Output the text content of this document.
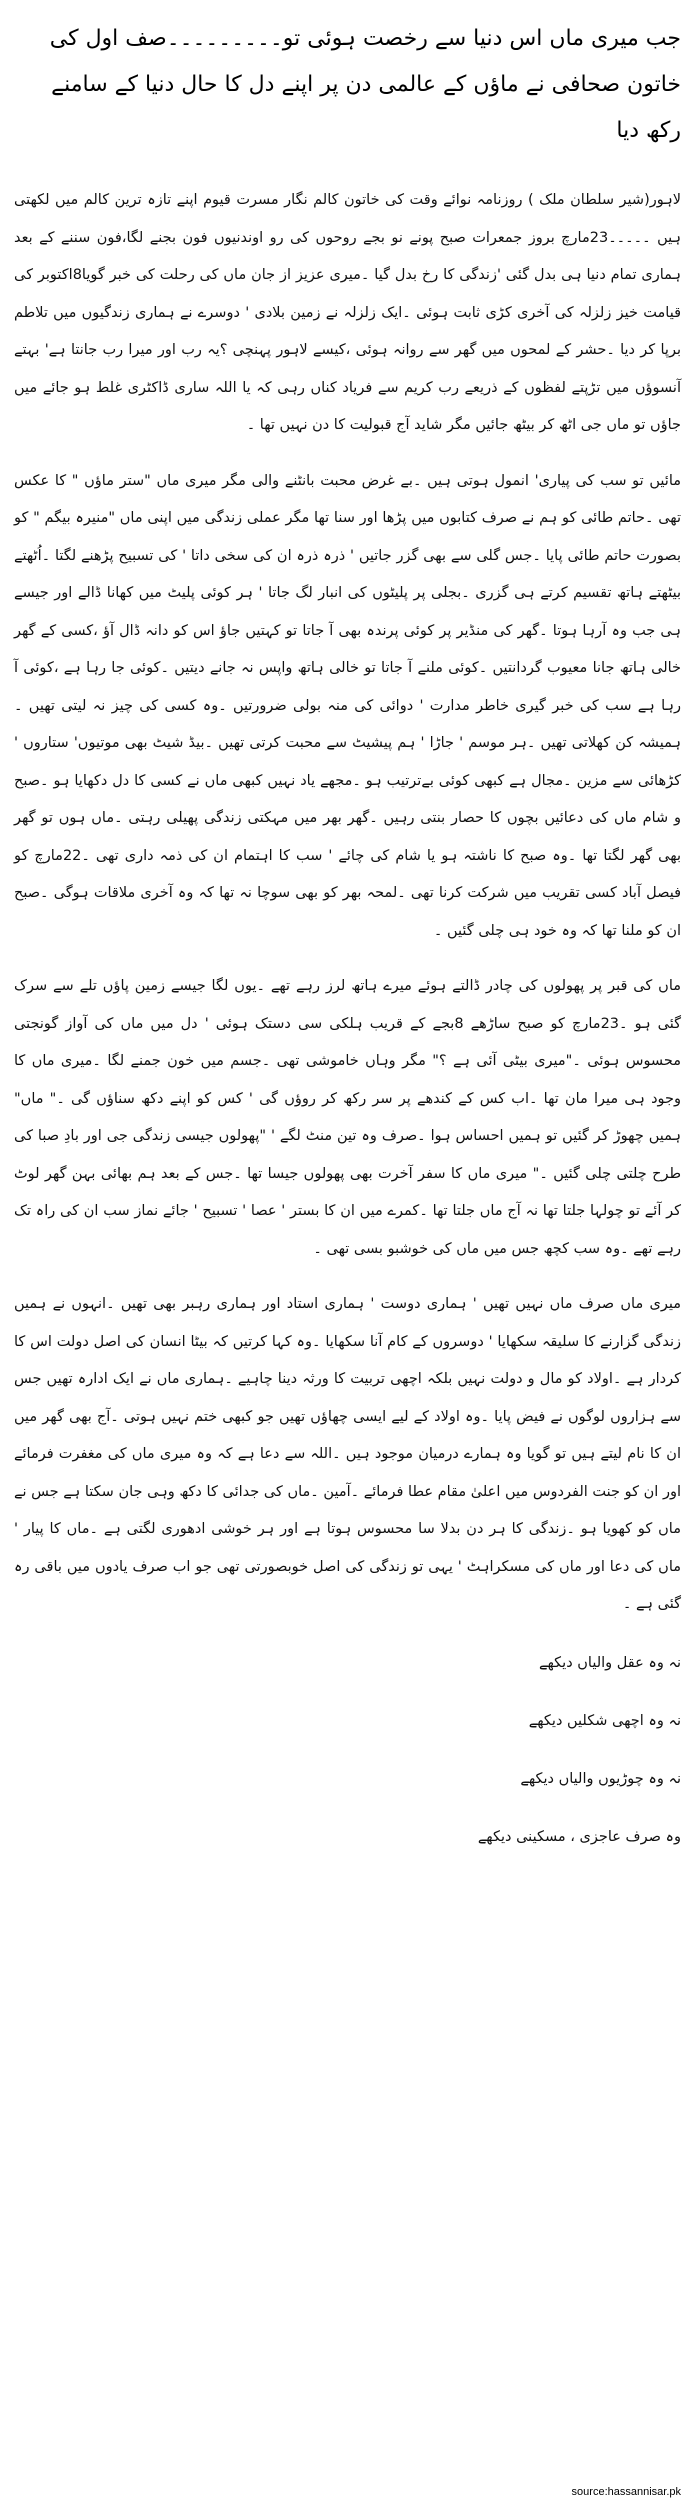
جب میری ماں اس دنیا سے رخصت ہوئی تو۔۔۔۔۔۔۔۔۔صف اول کی خاتون صحافی نے ماؤں کے عالمی دن پر اپنے دل کا حال دنیا کے سامنے رکھ دیا

لاہور(شیر سلطان ملک ) روزنامہ نوائے وقت کی خاتون کالم نگار مسرت قیوم اپنے تازہ ترین کالم میں لکھتی ہیں ۔۔۔۔۔23مارچ بروز جمعرات صبح پونے نو بجے روحوں کی رو اوندنیوں فون بجنے لگا،فون سننے کے بعد ہماری تمام دنیا ہی بدل گئی 'زندگی کا رخ بدل گیا ۔میری عزیز از جان ماں کی رحلت کی خبر گویا8اکتوبر کی قیامت خیز زلزلہ کی آخری کڑی ثابت ہوئی ۔ایک زلزلہ نے زمین بلادی ' دوسرے نے ہماری زندگیوں میں تلاطم برپا کر دیا ۔حشر کے لمحوں میں گھر سے روانہ ہوئی ،کیسے لاہور پہنچی ؟یہ رب اور میرا رب جانتا ہے' بہتے آنسوؤں میں تڑپتے لفظوں کے ذریعے رب کریم سے فریاد کناں رہی کہ یا اللہ ساری ڈاکٹری غلط ہو جائے میں جاؤں تو ماں جی اٹھ کر بیٹھ جائیں مگر شاید آج قبولیت کا دن نہیں تھا ۔

مائیں تو سب کی پیاری' انمول ہوتی ہیں ۔بے غرض محبت بانٹنے والی مگر میری ماں "ستر ماؤں " کا عکس تھی ۔حاتم طائی کو ہم نے صرف کتابوں میں پڑھا اور سنا تھا مگر عملی زندگی میں اپنی ماں "منیرہ بیگم " کو بصورت حاتم طائی پایا ۔جس گلی سے بھی گزر جاتیں ' ذرہ ذرہ ان کی سخی داتا ' کی تسبیح پڑھنے لگتا ۔اُٹھتے بیٹھتے ہاتھ تقسیم کرتے ہی گزری ۔بجلی پر پلیٹوں کی انبار لگ جاتا ' ہر کوئی پلیٹ میں کھانا ڈالے اور جیسے ہی جب وہ آرہا ہوتا ۔گھر کی منڈیر پر کوئی پرندہ بھی آ جاتا تو کہتیں جاؤ اس کو دانہ ڈال آؤ ،کسی کے گھر خالی ہاتھ جانا معیوب گردانتیں ۔کوئی ملنے آ جاتا تو خالی ہاتھ واپس نہ جانے دیتیں ۔کوئی جا رہا ہے ،کوئی آ رہا ہے سب کی خبر گیری خاطر مدارت ' دوائی کی منہ بولی ضرورتیں ۔وہ کسی کی چیز نہ لیتی تھیں ۔ہمیشہ کن کھلاتی تھیں ۔ہر موسم ' جاڑا ' ہم پیشیٹ سے محبت کرتی تھیں ۔بیڈ شیٹ بھی موتیوں' ستاروں ' کڑھائی سے مزین ۔مجال ہے کبھی کوئی بےترتیب ہو ۔مجھے یاد نہیں کبھی ماں نے کسی کا دل دکھایا ہو ۔صبح و شام ماں کی دعائیں بچوں کا حصار بنتی رہیں ۔گھر بھر میں مہکتی زندگی پھیلی رہتی ۔ماں ہوں تو گھر بھی گھر لگتا تھا ۔وہ صبح کا ناشتہ ہو یا شام کی چائے ' سب کا اہتمام ان کی ذمہ داری تھی ۔22مارچ کو فیصل آباد کسی تقریب میں شرکت کرنا تھی ۔لمحہ بھر کو بھی سوچا نہ تھا کہ وہ آخری ملاقات ہوگی ۔صبح ان کو ملنا تھا کہ وہ خود ہی چلی گئیں ۔

ماں کی قبر پر پھولوں کی چادر ڈالتے ہوئے میرے ہاتھ لرز رہے تھے ۔یوں لگا جیسے زمین پاؤں تلے سے سرک گئی ہو ۔23مارچ کو صبح ساڑھے 8بجے کے قریب ہلکی سی دستک ہوئی ' دل میں ماں کی آواز گونجتی محسوس ہوئی ۔"میری بیٹی آئی ہے ؟" مگر وہاں خاموشی تھی ۔جسم میں خون جمنے لگا ۔میری ماں کا وجود ہی میرا مان تھا ۔اب کس کے کندھے پر سر رکھ کر روؤں گی ' کس کو اپنے دکھ سناؤں گی ۔" ماں" ہمیں چھوڑ کر گئیں تو ہمیں احساس ہوا ۔صرف وہ تین منٹ لگے ' "پھولوں جیسی زندگی جی اور بادِ صبا کی طرح چلتی چلی گئیں ۔" میری ماں کا سفر آخرت بھی پھولوں جیسا تھا ۔جس کے بعد ہم بھائی بہن گھر لوٹ کر آئے تو چولہا جلتا تھا نہ آج ماں جلتا تھا ۔کمرے میں ان کا بستر ' عصا ' تسبیح ' جائے نماز سب ان کی راہ تک رہے تھے ۔وہ سب کچھ جس میں ماں کی خوشبو بسی تھی ۔

میری ماں صرف ماں نہیں تھیں ' ہماری دوست ' ہماری استاد اور ہماری رہبر بھی تھیں ۔انہوں نے ہمیں زندگی گزارنے کا سلیقہ سکھایا ' دوسروں کے کام آنا سکھایا ۔وہ کہا کرتیں کہ بیٹا انسان کی اصل دولت اس کا کردار ہے ۔اولاد کو مال و دولت نہیں بلکہ اچھی تربیت کا ورثہ دینا چاہیے ۔ہماری ماں نے ایک ادارہ تھیں جس سے ہزاروں لوگوں نے فیض پایا ۔وہ اولاد کے لیے ایسی چھاؤں تھیں جو کبھی ختم نہیں ہوتی ۔آج بھی گھر میں ان کا نام لیتے ہیں تو گویا وہ ہمارے درمیان موجود ہیں ۔اللہ سے دعا ہے کہ وہ میری ماں کی مغفرت فرمائے اور ان کو جنت الفردوس میں اعلیٰ مقام عطا فرمائے ۔آمین ۔ماں کی جدائی کا دکھ وہی جان سکتا ہے جس نے ماں کو کھویا ہو ۔زندگی کا ہر دن بدلا سا محسوس ہوتا ہے اور ہر خوشی ادھوری لگتی ہے ۔ماں کا پیار ' ماں کی دعا اور ماں کی مسکراہٹ ' یہی تو زندگی کی اصل خوبصورتی تھی جو اب صرف یادوں میں باقی رہ گئی ہے ۔

نہ وہ عقل والیاں دیکھے
نہ وہ اچھی شکلیں دیکھے
نہ وہ چوڑیوں والیاں دیکھے
وہ صرف عاجزی ، مسکینی دیکھے
source:hassannisar.pk
